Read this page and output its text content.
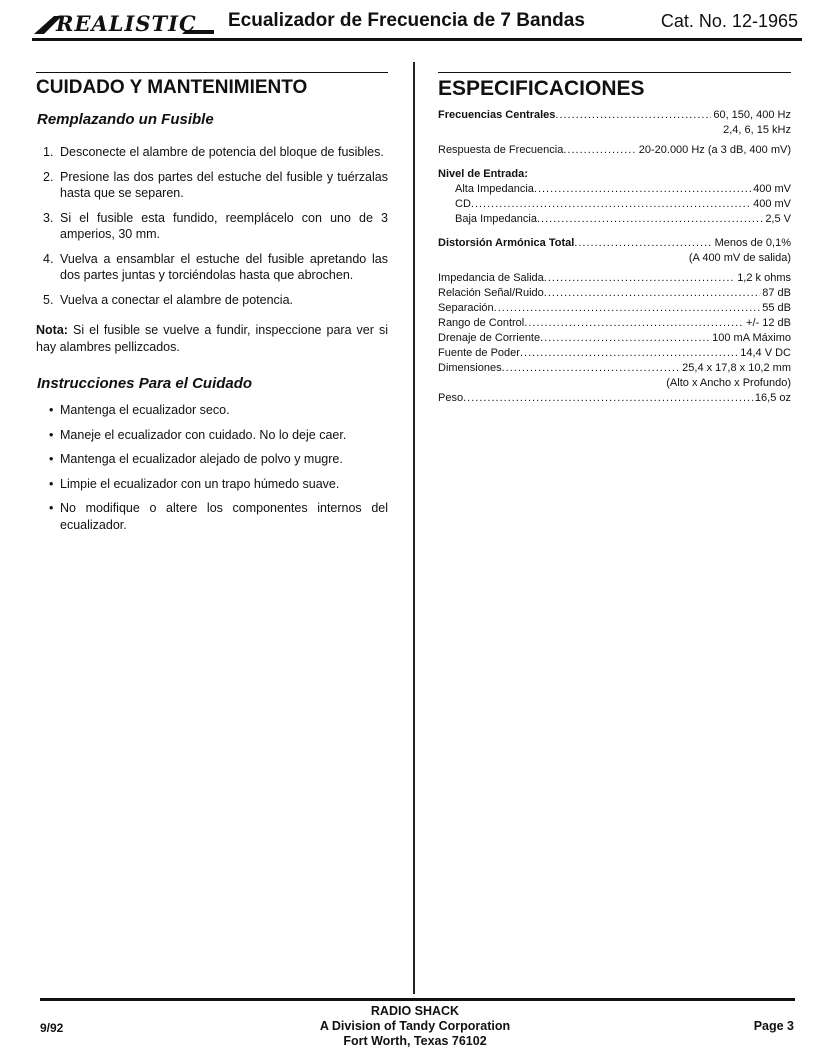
REALISTIC Ecualizador de Frecuencia de 7 Bandas	Cat. No. 12-1965
CUIDADO Y MANTENIMIENTO
Remplazando un Fusible
1. Desconecte el alambre de potencia del bloque de fusibles.
2. Presione las dos partes del estuche del fusible y tuérzalas hasta que se separen.
3. Si el fusible esta fundido, reemplácelo con uno de 3 amperios, 30 mm.
4. Vuelva a ensamblar el estuche del fusible apretando las dos partes juntas y torciéndolas hasta que abrochen.
5. Vuelva a conectar el alambre de potencia.
Nota: Si el fusible se vuelve a fundir, inspeccione para ver si hay alambres pellizcados.
Instrucciones Para el Cuidado
• Mantenga el ecualizador seco.
• Maneje el ecualizador con cuidado. No lo deje caer.
• Mantenga el ecualizador alejado de polvo y mugre.
• Limpie el ecualizador con un trapo húmedo suave.
• No modifique o altere los componentes internos del ecualizador.
ESPECIFICACIONES
Frecuencias Centrales .....	60, 150, 400 Hz
2,4, 6, 15 kHz
Respuesta de Frecuencia .....	20-20.000 Hz (a 3 dB, 400 mV)
Nivel de Entrada:
Alta Impedancia .....	400 mV
CD .....	400 mV
Baja Impedancia .....	2,5 V
Distorsión Armónica Total .....	Menos de 0,1%
(A 400 mV de salida)
Impedancia de Salida .....	1,2 k ohms
Relación Señal/Ruido .....	87 dB
Separación .....	55 dB
Rango de Control .....	+/- 12 dB
Drenaje de Corriente .....	100 mA Máximo
Fuente de Poder .....	14,4 V DC
Dimensiones .....	25,4 x 17,8 x 10,2 mm
(Alto x Ancho x Profundo)
Peso .....	16,5 oz
9/92
RADIO SHACK
A Division of Tandy Corporation
Fort Worth, Texas 76102
Page 3
